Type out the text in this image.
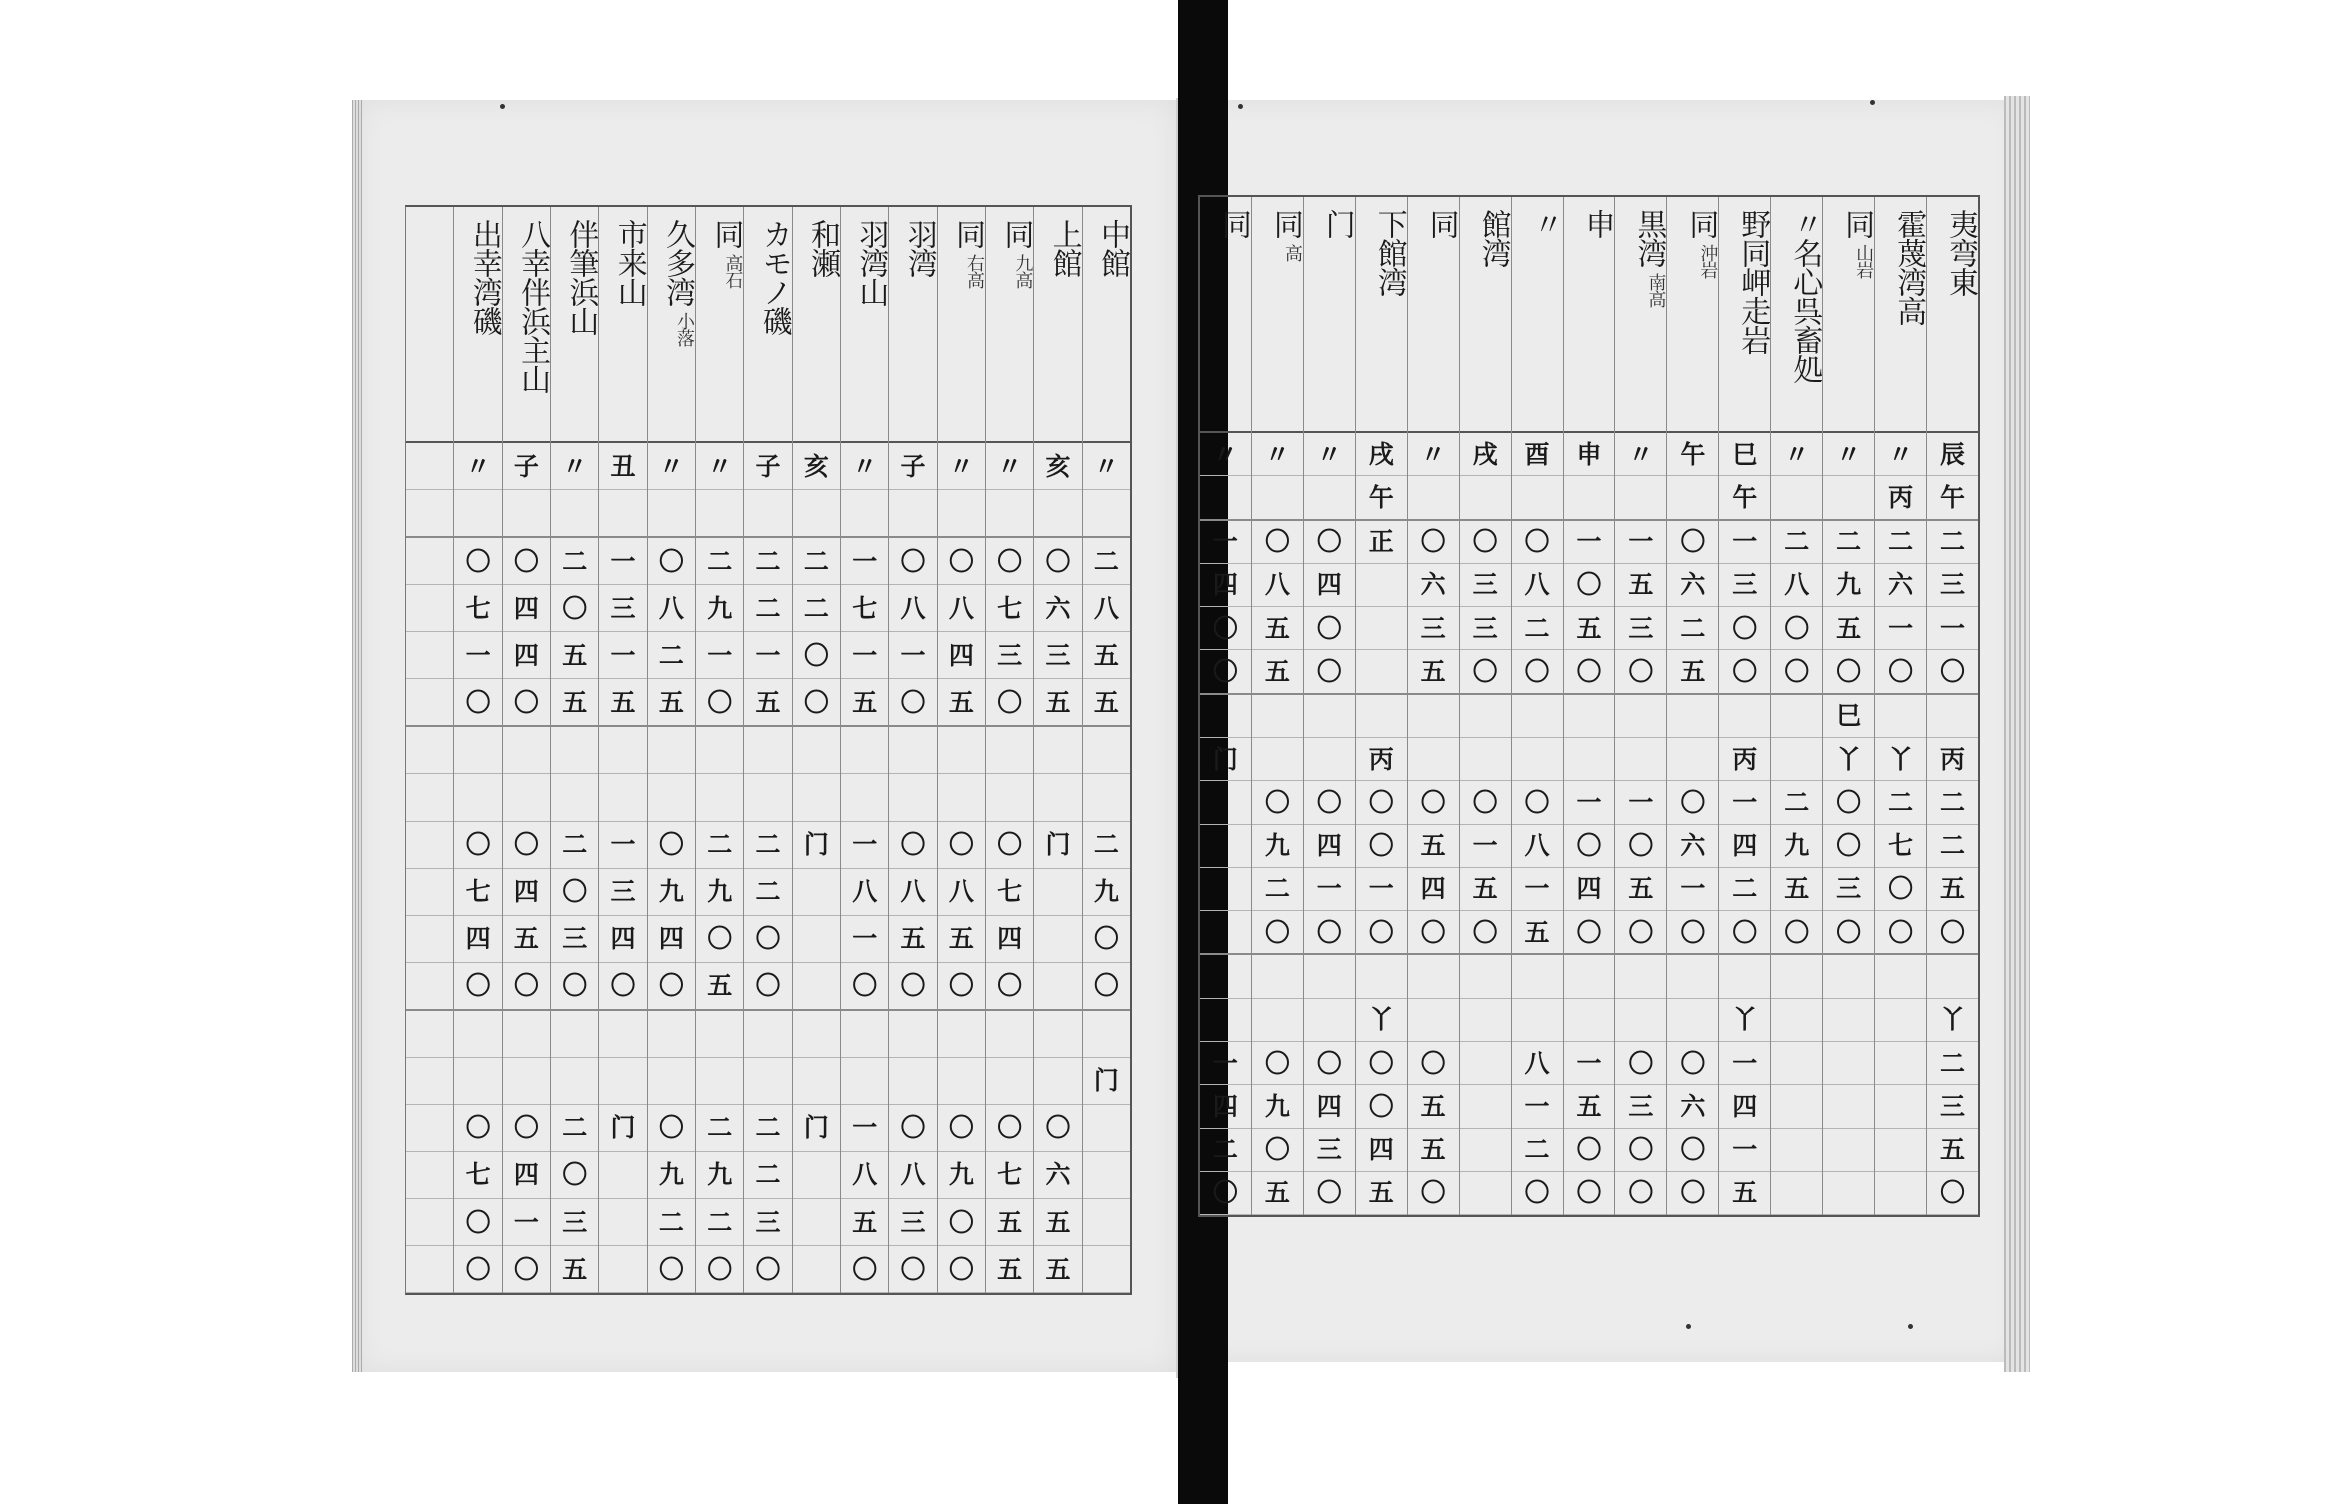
夷弯東
辰
午
二
三
一
〇
丙
二
二
五
〇
丫
二
三
五
〇
霍蔑湾高
〃
丙
二
六
一
〇
丫
二
七
〇
〇
同
山岩
〃
二
九
五
〇
巳
丫
〇
〇
三
〇
〃名心呉畜処
〃
二
八
〇
〇
二
九
五
〇
野同岬走岩
巳
午
一
三
〇
〇
丙
一
四
二
〇
丫
一
四
一
五
同
沖岩
午
〇
六
二
五
〇
六
一
〇
〇
六
〇
〇
黒湾
南高
〃
一
五
三
〇
一
〇
五
〇
〇
三
〇
〇
申
申
一
〇
五
〇
一
〇
四
〇
一
五
〇
〇
〃
酉
〇
八
二
〇
〇
八
一
五
八
一
二
〇
館湾
戌
〇
三
三
〇
〇
一
五
〇
同
〃
〇
六
三
五
〇
五
四
〇
〇
五
五
〇
下館湾
戌
午
正
丙
〇
〇
一
〇
丫
〇
〇
四
五
门
〃
〇
四
〇
〇
〇
四
一
〇
〇
四
三
〇
同
高
〃
〇
八
五
五
〇
九
二
〇
〇
九
〇
五
同
〃
一
四
〇
〇
门
一
四
二
〇
中館
〃
二
八
五
五
二
九
〇
〇
门
上館
亥
〇
六
三
五
门
〇
六
五
五
同
九高
〃
〇
七
三
〇
〇
七
四
〇
〇
七
五
五
同
右高
〃
〇
八
四
五
〇
八
五
〇
〇
九
〇
〇
羽湾
子
〇
八
一
〇
〇
八
五
〇
〇
八
三
〇
羽湾山
〃
一
七
一
五
一
八
一
〇
一
八
五
〇
和瀬
亥
二
二
〇
〇
门
门
カモノ磯
子
二
二
一
五
二
二
〇
〇
二
二
三
〇
同
高石
〃
二
九
一
〇
二
九
〇
五
二
九
二
〇
久多湾
小落
〃
〇
八
二
五
〇
九
四
〇
〇
九
二
〇
市来山
丑
一
三
一
五
一
三
四
〇
门
伴筆浜山
〃
二
〇
五
五
二
〇
三
〇
二
〇
三
五
八幸伴浜主山
子
〇
四
四
〇
〇
四
五
〇
〇
四
一
〇
出幸湾磯
〃
〇
七
一
〇
〇
七
四
〇
〇
七
〇
〇
